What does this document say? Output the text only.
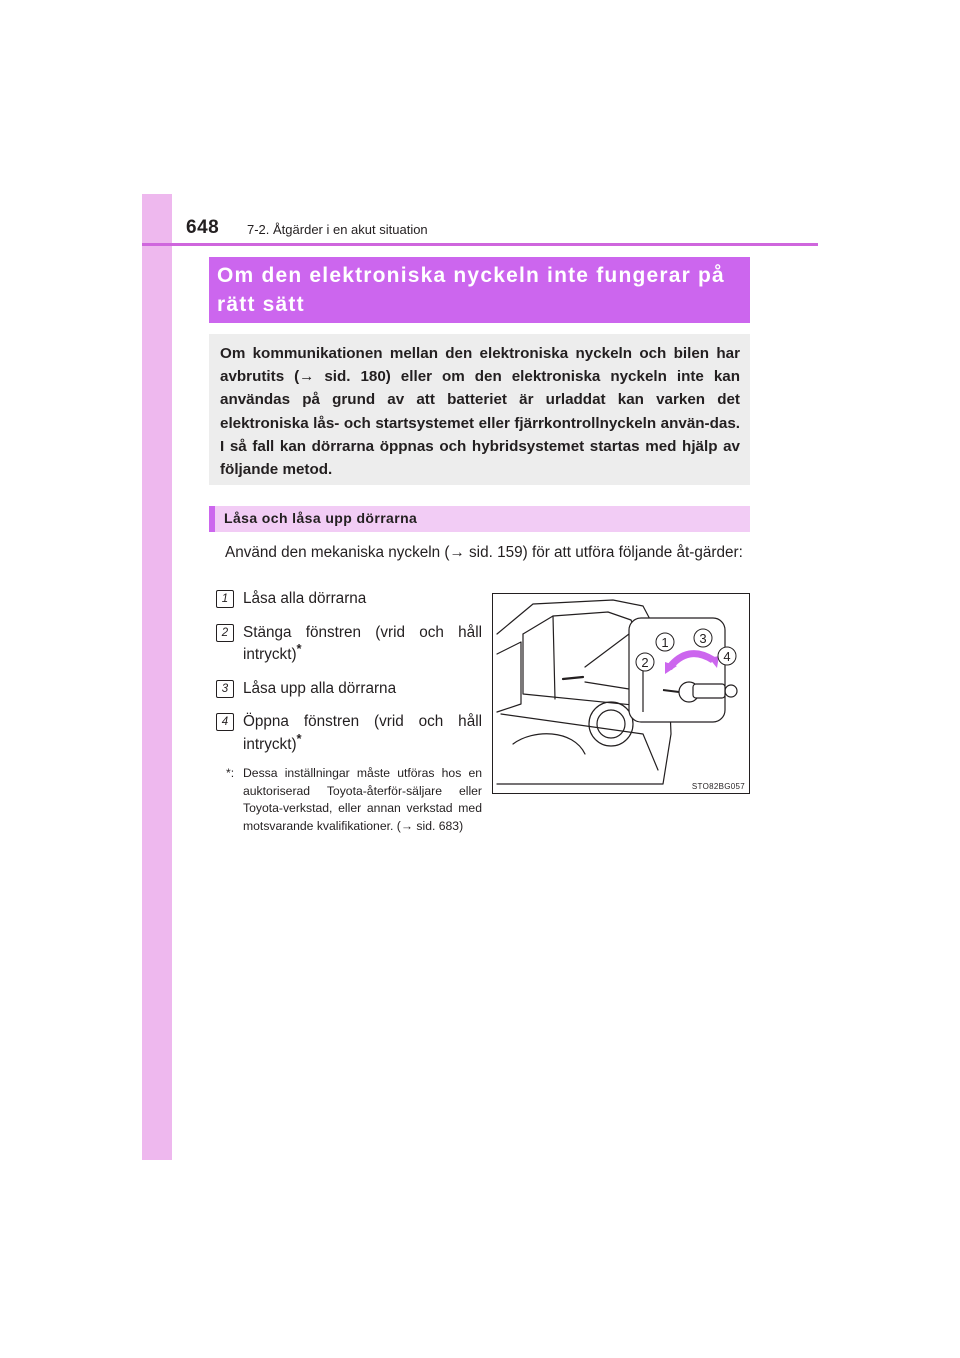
648 7-2. Åtgärder i en akut situation
Om den elektroniska nyckeln inte fungerar på rätt sätt
Om kommunikationen mellan den elektroniska nyckeln och bilen har avbrutits (→ sid. 180) eller om den elektroniska nyckeln inte kan användas på grund av att batteriet är urladdat kan varken det elektroniska lås- och startsystemet eller fjärrkontrollnyckeln använ-das. I så fall kan dörrarna öppnas och hybridsystemet startas med hjälp av följande metod.
Låsa och låsa upp dörrarna
Använd den mekaniska nyckeln (→ sid. 159) för att utföra följande åt-gärder:
1 Låsa alla dörrarna
2 Stänga fönstren (vrid och håll intryckt)*
3 Låsa upp alla dörrarna
4 Öppna fönstren (vrid och håll intryckt)*
*: Dessa inställningar måste utföras hos en auktoriserad Toyota-återför-säljare eller Toyota-verkstad, eller annan verkstad med motsvarande kvalifikationer. (→ sid. 683)
1
2
3
4
STO82BG057
